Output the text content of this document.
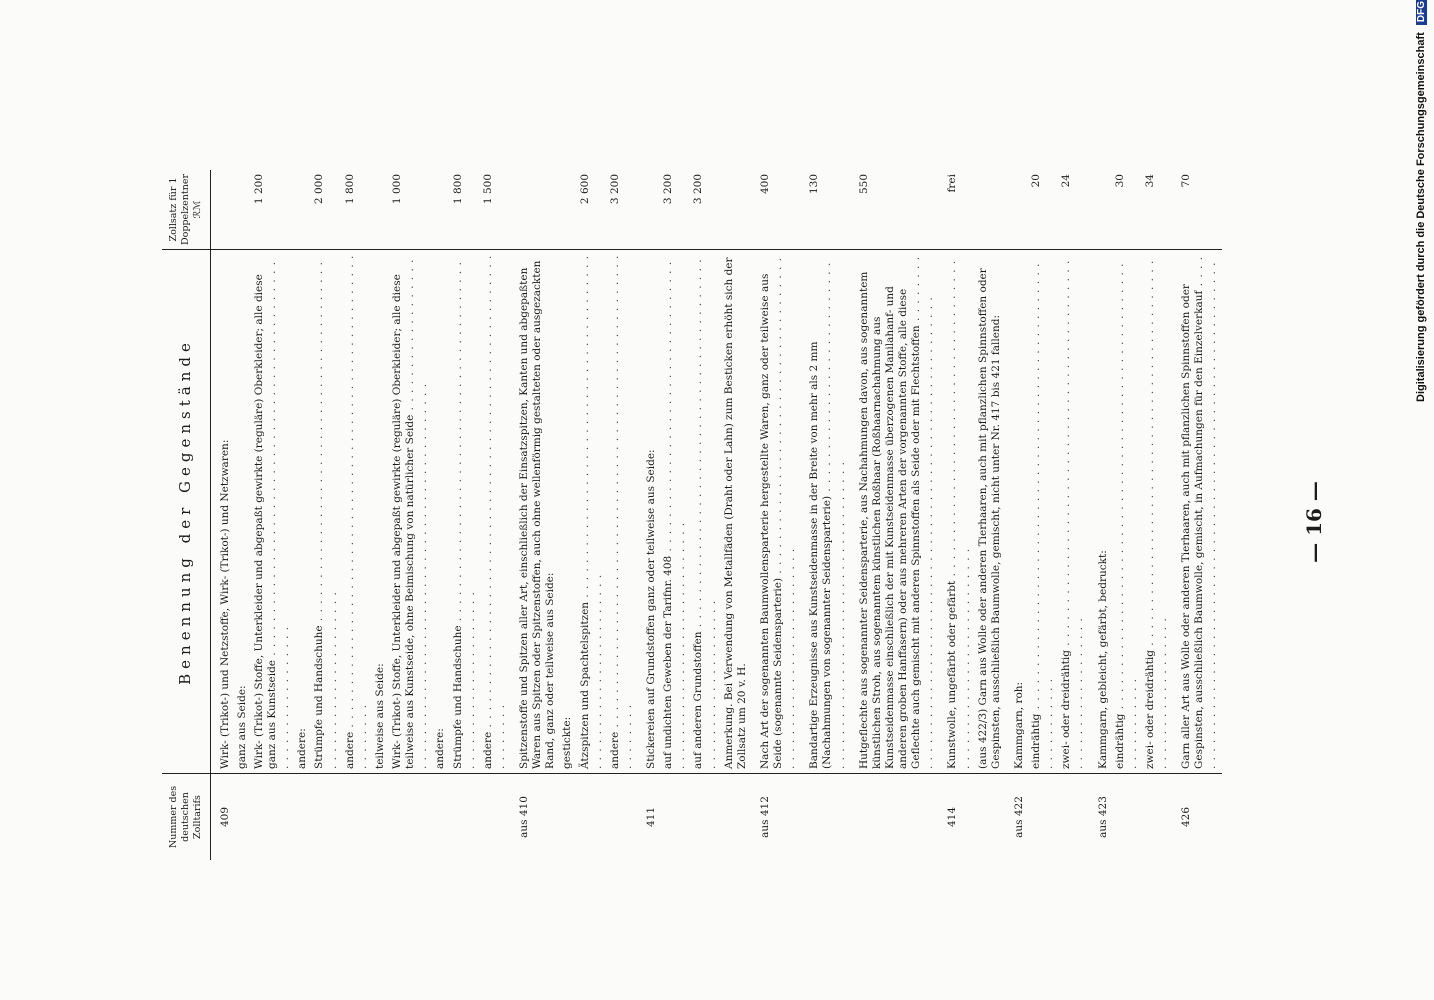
Digitalisierung gefördert durch die Deutsche Forschungsgemeinschaft DFG
— 16 —
Nummer des deutschen Zolltarifs	Benennung der Gegenstände	Zollsatz für 1 Doppelzentner ℛℳ
409	Wirk- (Trikot-) und Netzstoffe, Wirk- (Trikot-) und Netzwaren:	
	ganz aus Seide:	
	Wirk- (Trikot-) Stoffe, Unterkleider und abgepaßt gewirkte (reguläre) Oberkleider; alle diese ganz aus Kunstseide . . .	1 200
	andere:	
	Strümpfe und Handschuhe . . .	2 000
	andere . . .	1 800
	teilweise aus Seide:	
	Wirk- (Trikot-) Stoffe, Unterkleider und abgepaßt gewirkte (reguläre) Oberkleider; alle diese teilweise aus Kunstseide, ohne Beimischung von natürlicher Seide . . .	1 000
	andere:	
	Strümpfe und Handschuhe . . .	1 800
	andere . . .	1 500
aus 410	Spitzenstoffe und Spitzen aller Art, einschließlich der Einsatzspitzen, Kanten und abgepaßten Waren aus Spitzen oder Spitzenstoffen, auch ohne wellenförmig gestalteten oder ausgezackten Rand, ganz oder teilweise aus Seide:	
	gestickte:	
	Ätzspitzen und Spachtelspitzen . . .	2 600
	andere . . .	3 200
411	Stickereien auf Grundstoffen ganz oder teilweise aus Seide:	
	auf undichten Geweben der Tarifnr. 408 . . .	3 200
	auf anderen Grundstoffen . . .	3 200
	Anmerkung. Bei Verwendung von Metallfäden (Draht oder Lahn) zum Besticken erhöht sich der Zollsatz um 20 v. H.	
aus 412	Nach Art der sogenannten Baumwollensparterie hergestellte Waren, ganz oder teilweise aus Seide (sogenannte Seidensparterie) . . .	400
	Bandartige Erzeugnisse aus Kunstseidenmasse in der Breite von mehr als 2 mm (Nachahmungen von sogenannter Seidensparterie) . . .	130
	Hutgeflechte aus sogenannter Seidensparterie, aus Nachahmungen davon, aus sogenanntem künstlichen Stroh, aus sogenanntem künstlichen Roßhaar (Roßhaarnachahmung aus Kunstseidenmasse einschließlich der mit Kunstseidenmasse überzogenen Manilahanf- und anderen groben Hanffasern) oder aus mehreren Arten der vorgenannten Stoffe, alle diese Geflechte auch gemischt mit anderen Spinnstoffen als Seide oder mit Flechtstoffen . . .	550
414	Kunstwolle, ungefärbt oder gefärbt . . .	frei
	(aus 422/3) Garn aus Wolle oder anderen Tierhaaren, auch mit pflanzlichen Spinnstoffen oder Gespinsten, ausschließlich Baumwolle, gemischt, nicht unter Nr. 417 bis 421 fallend:	
aus 422	Kammgarn, roh:	
	eindrähtig . . .	20
	zwei- oder dreidrähtig . . .	24
aus 423	Kammgarn, gebleicht, gefärbt, bedruckt:	
	eindrähtig . . .	30
	zwei- oder dreidrähtig . . .	34
426	Garn aller Art aus Wolle oder anderen Tierhaaren, auch mit pflanzlichen Spinnstoffen oder Gespinsten, ausschließlich Baumwolle, gemischt, in Aufmachungen für den Einzelverkauf . . .	70
